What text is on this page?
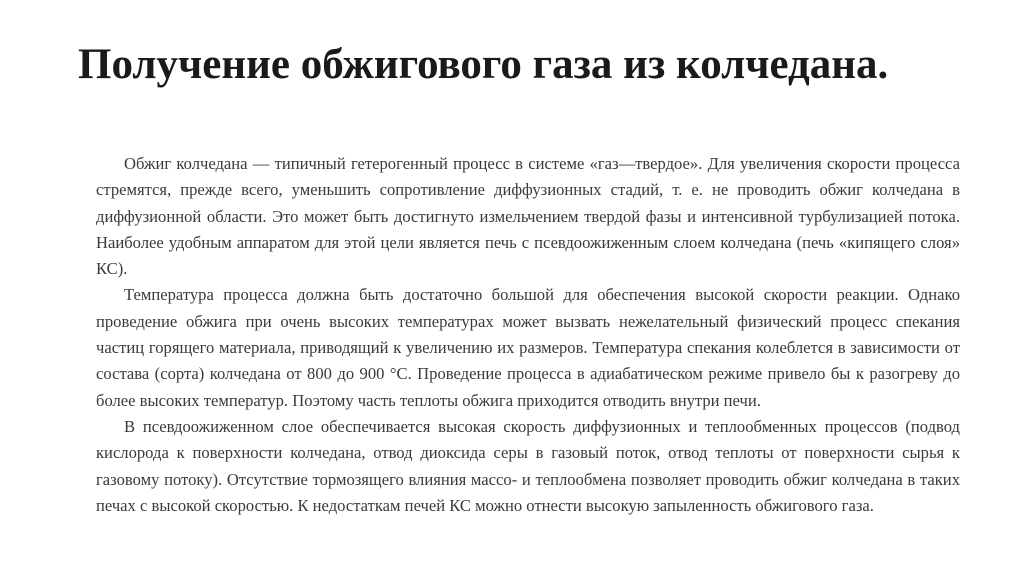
Получение обжигового газа из колчедана.

Обжиг колчедана — типичный гетерогенный процесс в системе «газ—твердое». Для увеличения скорости процесса стремятся, прежде всего, уменьшить сопротивление диффузионных стадий, т. е. не проводить обжиг колчедана в диффузионной области. Это может быть достигнуто измельчением твердой фазы и интенсивной турбулизацией потока. Наиболее удобным аппаратом для этой цели является печь с псевдоожиженным слоем колчедана (печь «кипящего слоя» КС).

Температура процесса должна быть достаточно большой для обеспечения высокой скорости реакции. Однако проведение обжига при очень высоких температурах может вызвать нежелательный физический процесс спекания частиц горящего материала, приводящий к увеличению их размеров. Температура спекания колеблется в зависимости от состава (сорта) колчедана от 800 до 900 °С. Проведение процесса в адиабатическом режиме привело бы к разогреву до более высоких температур. Поэтому часть теплоты обжига приходится отводить внутри печи.

В псевдоожиженном слое обеспечивается высокая скорость диффузионных и теплообменных процессов (подвод кислорода к поверхности колчедана, отвод диоксида серы в газовый поток, отвод теплоты от поверхности сырья к газовому потоку). Отсутствие тормозящего влияния массо- и теплообмена позволяет проводить обжиг колчедана в таких печах с высокой скоростью. К недостаткам печей КС можно отнести высокую запыленность обжигового газа.
